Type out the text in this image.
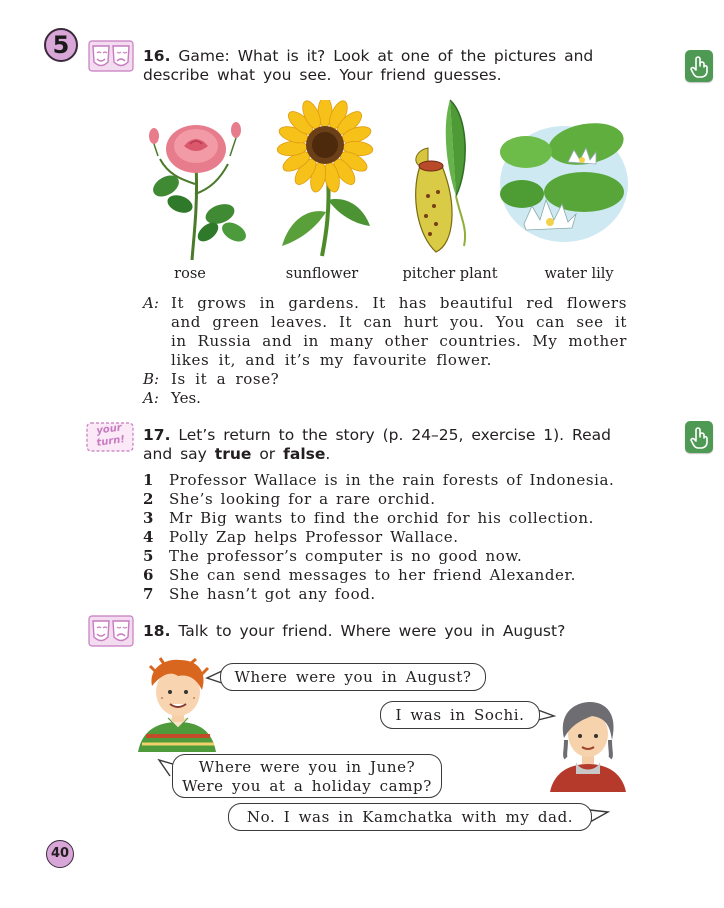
5	16. Game: What is it? Look at one of the pictures and describe what you see. Your friend guesses.
rose	sunflower	pitcher plant	water lily
A: It grows in gardens. It has beautiful red flowers and green leaves. It can hurt you. You can see it in Russia and in many other countries. My mother likes it, and it’s my favourite flower.
B: Is it a rose?
A: Yes.
your turn!	17. Let’s return to the story (p. 24–25, exercise 1). Read and say true or false.
1 Professor Wallace is in the rain forests of Indonesia.
2 She’s looking for a rare orchid.
3 Mr Big wants to find the orchid for his collection.
4 Polly Zap helps Professor Wallace.
5 The professor’s computer is no good now.
6 She can send messages to her friend Alexander.
7 She hasn’t got any food.
18. Talk to your friend. Where were you in August?
Where were you in August?
I was in Sochi.
Where were you in June?
Were you at a holiday camp?
No. I was in Kamchatka with my dad.
40
